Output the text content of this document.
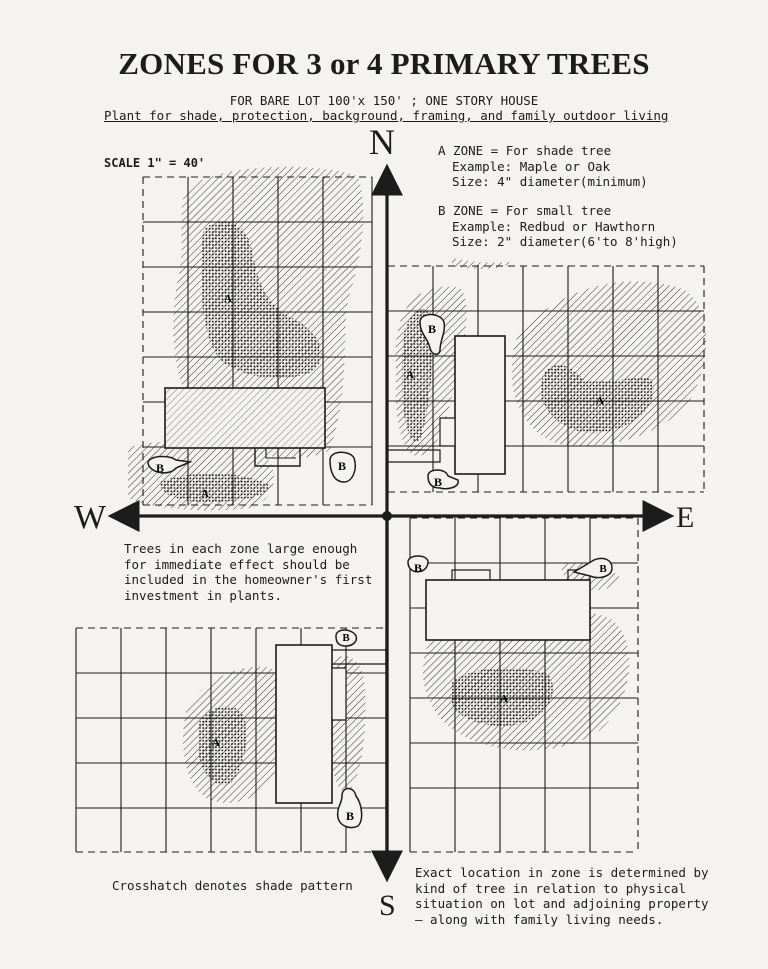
ZONES FOR 3 or 4 PRIMARY TREES
FOR BARE LOT 100'x 150' ; ONE STORY HOUSE
Plant for shade, protection, background, framing, and family outdoor living
SCALE 1" = 40'
A ZONE = For shade tree
Example: Maple or Oak
Size: 4" diameter(minimum)
B ZONE = For small tree
Example: Redbud or Hawthorn
Size: 2" diameter(6'to 8'high)
Trees in each zone large enough
for immediate effect should be
included in the homeowner's first
investment in plants.
Crosshatch denotes shade pattern
Exact location in zone is determined by
kind of tree in relation to physical
situation on lot and adjoining property
— along with family living needs.
N
S
E
W
B
B
A
A
B
B
A
A
B
B
A
B	B
A
